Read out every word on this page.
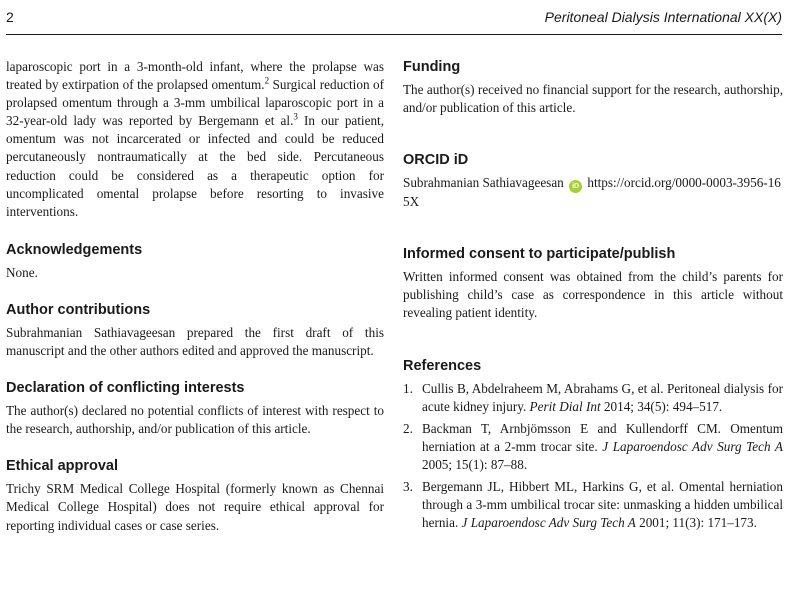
2	Peritoneal Dialysis International XX(X)

laparoscopic port in a 3-month-old infant, where the prolapse was treated by extirpation of the prolapsed omentum.$^2$ Surgical reduction of prolapsed omentum through a 3-mm umbilical laparoscopic port in a 32-year-old lady was reported by Bergemann et al.$^3$ In our patient, omentum was not incarcerated or infected and could be reduced percutaneously nontraumatically at the bed side. Percutaneous reduction could be considered as a therapeutic option for uncomplicated omental prolapse before resorting to invasive interventions.

Acknowledgements

None.

Author contributions

Subrahmanian Sathiavageesan prepared the first draft of this manuscript and the other authors edited and approved the manuscript.

Declaration of conflicting interests

The author(s) declared no potential conflicts of interest with respect to the research, authorship, and/or publication of this article.

Ethical approval

Trichy SRM Medical College Hospital (formerly known as Chennai Medical College Hospital) does not require ethical approval for reporting individual cases or case series.

Funding

The author(s) received no financial support for the research, authorship, and/or publication of this article.

ORCID iD

Subrahmanian Sathiavageesan iD https://orcid.org/0000-0003-3956-165X

Informed consent to participate/publish

Written informed consent was obtained from the child’s parents for publishing child’s case as correspondence in this article without revealing patient identity.

References
1. Cullis B, Abdelraheem M, Abrahams G, et al. Peritoneal dialysis for acute kidney injury. Perit Dial Int 2014; 34(5): 494–517.
2. Backman T, Arnbjömsson E and Kullendorff CM. Omentum herniation at a 2-mm trocar site. J Laparoendosc Adv Surg Tech A 2005; 15(1): 87–88.
3. Bergemann JL, Hibbert ML, Harkins G, et al. Omental herniation through a 3-mm umbilical trocar site: unmasking a hidden umbilical hernia. J Laparoendosc Adv Surg Tech A 2001; 11(3): 171–173.
